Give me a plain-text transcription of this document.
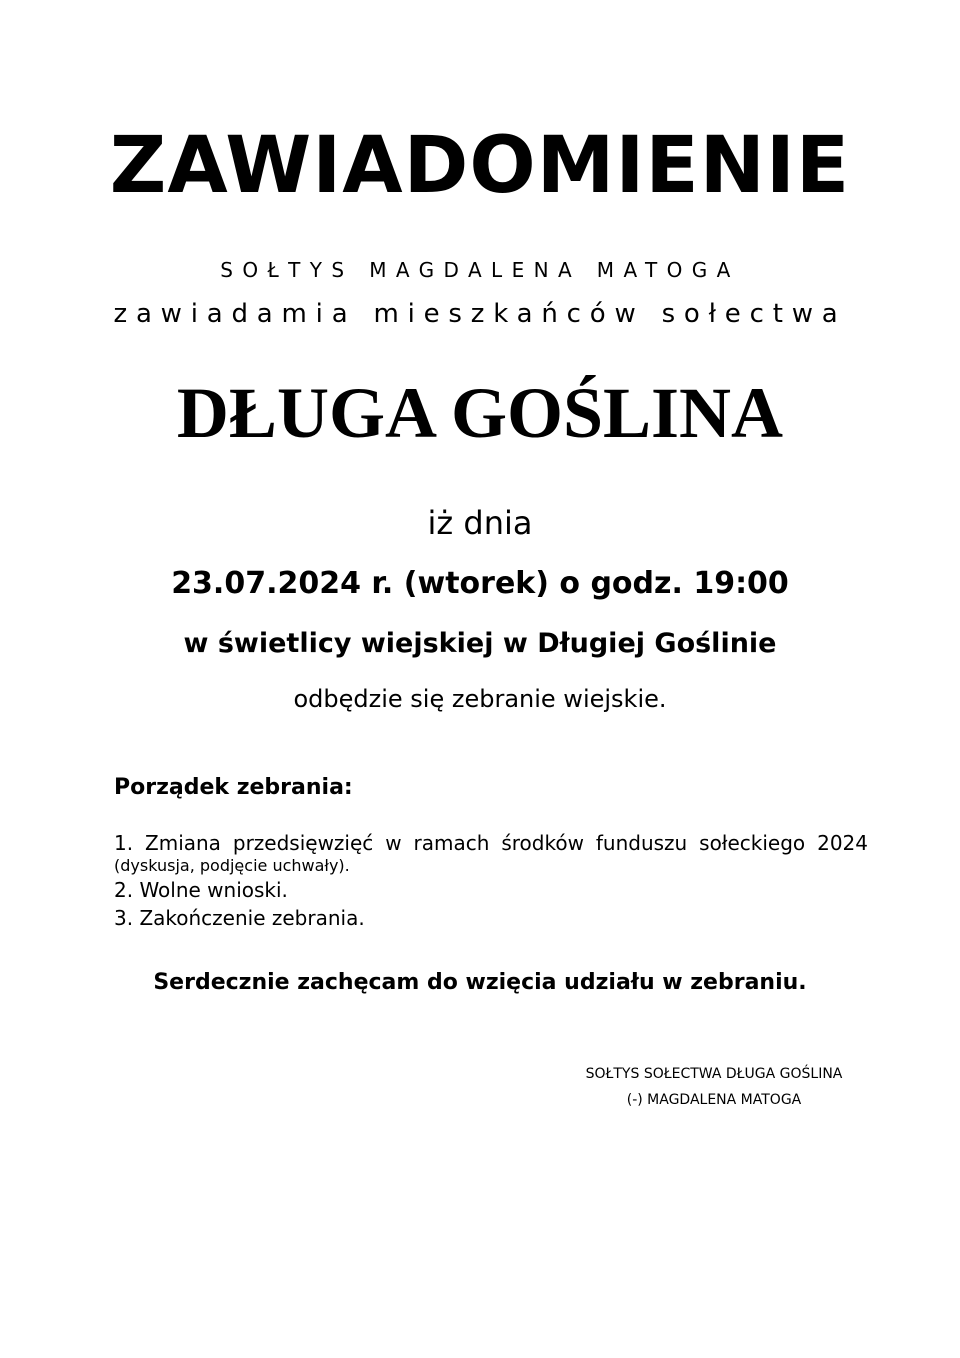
ZAWIADOMIENIE
SOŁTYS MAGDALENA MATOGA
zawiadamia mieszkańców sołectwa
DŁUGA GOŚLINA
iż dnia
23.07.2024 r. (wtorek) o godz. 19:00
w świetlicy wiejskiej w Długiej Goślinie
odbędzie się zebranie wiejskie.
Porządek zebrania:
1. Zmiana przedsięwzięć w ramach środków funduszu sołeckiego 2024
(dyskusja, podjęcie uchwały).
2. Wolne wnioski.
3. Zakończenie zebrania.
Serdecznie zachęcam do wzięcia udziału w zebraniu.
SOŁTYS SOŁECTWA DŁUGA GOŚLINA
(-) MAGDALENA MATOGA
